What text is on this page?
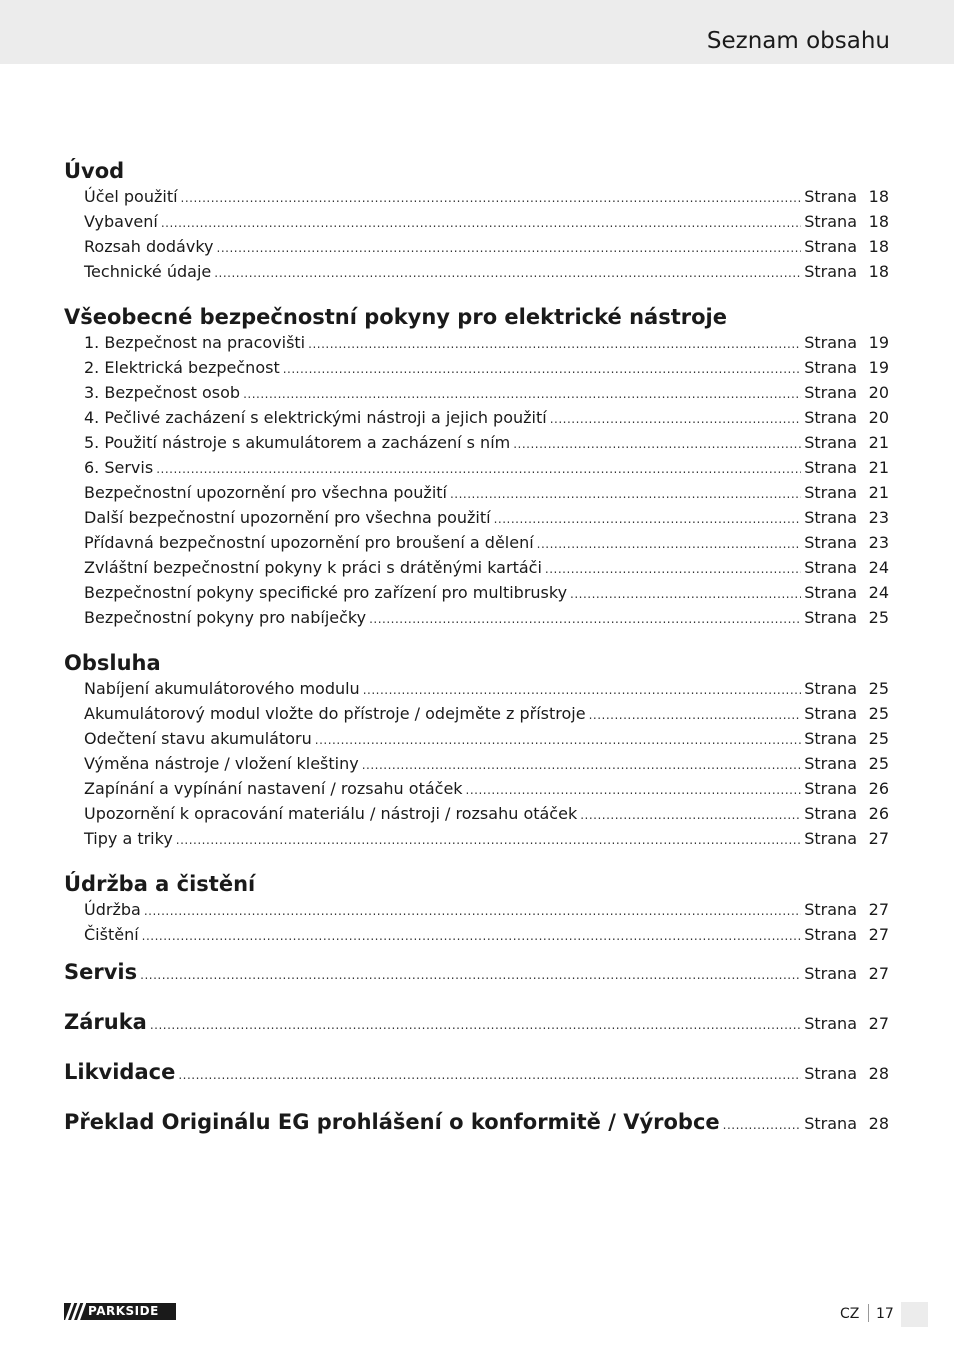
Seznam obsahu
Úvod
Účel použití .....	Strana 18
Vybavení .....	Strana 18
Rozsah dodávky .....	Strana 18
Technické údaje .....	Strana 18
Všeobecné bezpečnostní pokyny pro elektrické nástroje
1. Bezpečnost na pracovišti .....	Strana 19
2. Elektrická bezpečnost .....	Strana 19
3. Bezpečnost osob .....	Strana 20
4. Pečlivé zacházení s elektrickými nástroji a jejich použití .....	Strana 20
5. Použití nástroje s akumulátorem a zacházení s ním .....	Strana 21
6. Servis .....	Strana 21
Bezpečnostní upozornění pro všechna použití .....	Strana 21
Další bezpečnostní upozornění pro všechna použití .....	Strana 23
Přídavná bezpečnostní upozornění pro broušení a dělení .....	Strana 23
Zvláštní bezpečnostní pokyny k práci s drátěnými kartáči .....	Strana 24
Bezpečnostní pokyny specifické pro zařízení pro multibrusky .....	Strana 24
Bezpečnostní pokyny pro nabíječky .....	Strana 25
Obsluha
Nabíjení akumulátorového modulu .....	Strana 25
Akumulátorový modul vložte do přístroje / odejměte z přístroje .....	Strana 25
Odečtení stavu akumulátoru .....	Strana 25
Výměna nástroje / vložení kleštiny .....	Strana 25
Zapínání a vypínání nastavení / rozsahu otáček .....	Strana 26
Upozornění k opracování materiálu / nástroji / rozsahu otáček .....	Strana 26
Tipy a triky .....	Strana 27
Údržba a čistění
Údržba .....	Strana 27
Čištění .....	Strana 27
Servis .....	Strana 27
Záruka .....	Strana 27
Likvidace .....	Strana 28
Překlad Originálu EG prohlášení o konformitě / Výrobce .....	Strana 28
PARKSIDE	CZ 17
